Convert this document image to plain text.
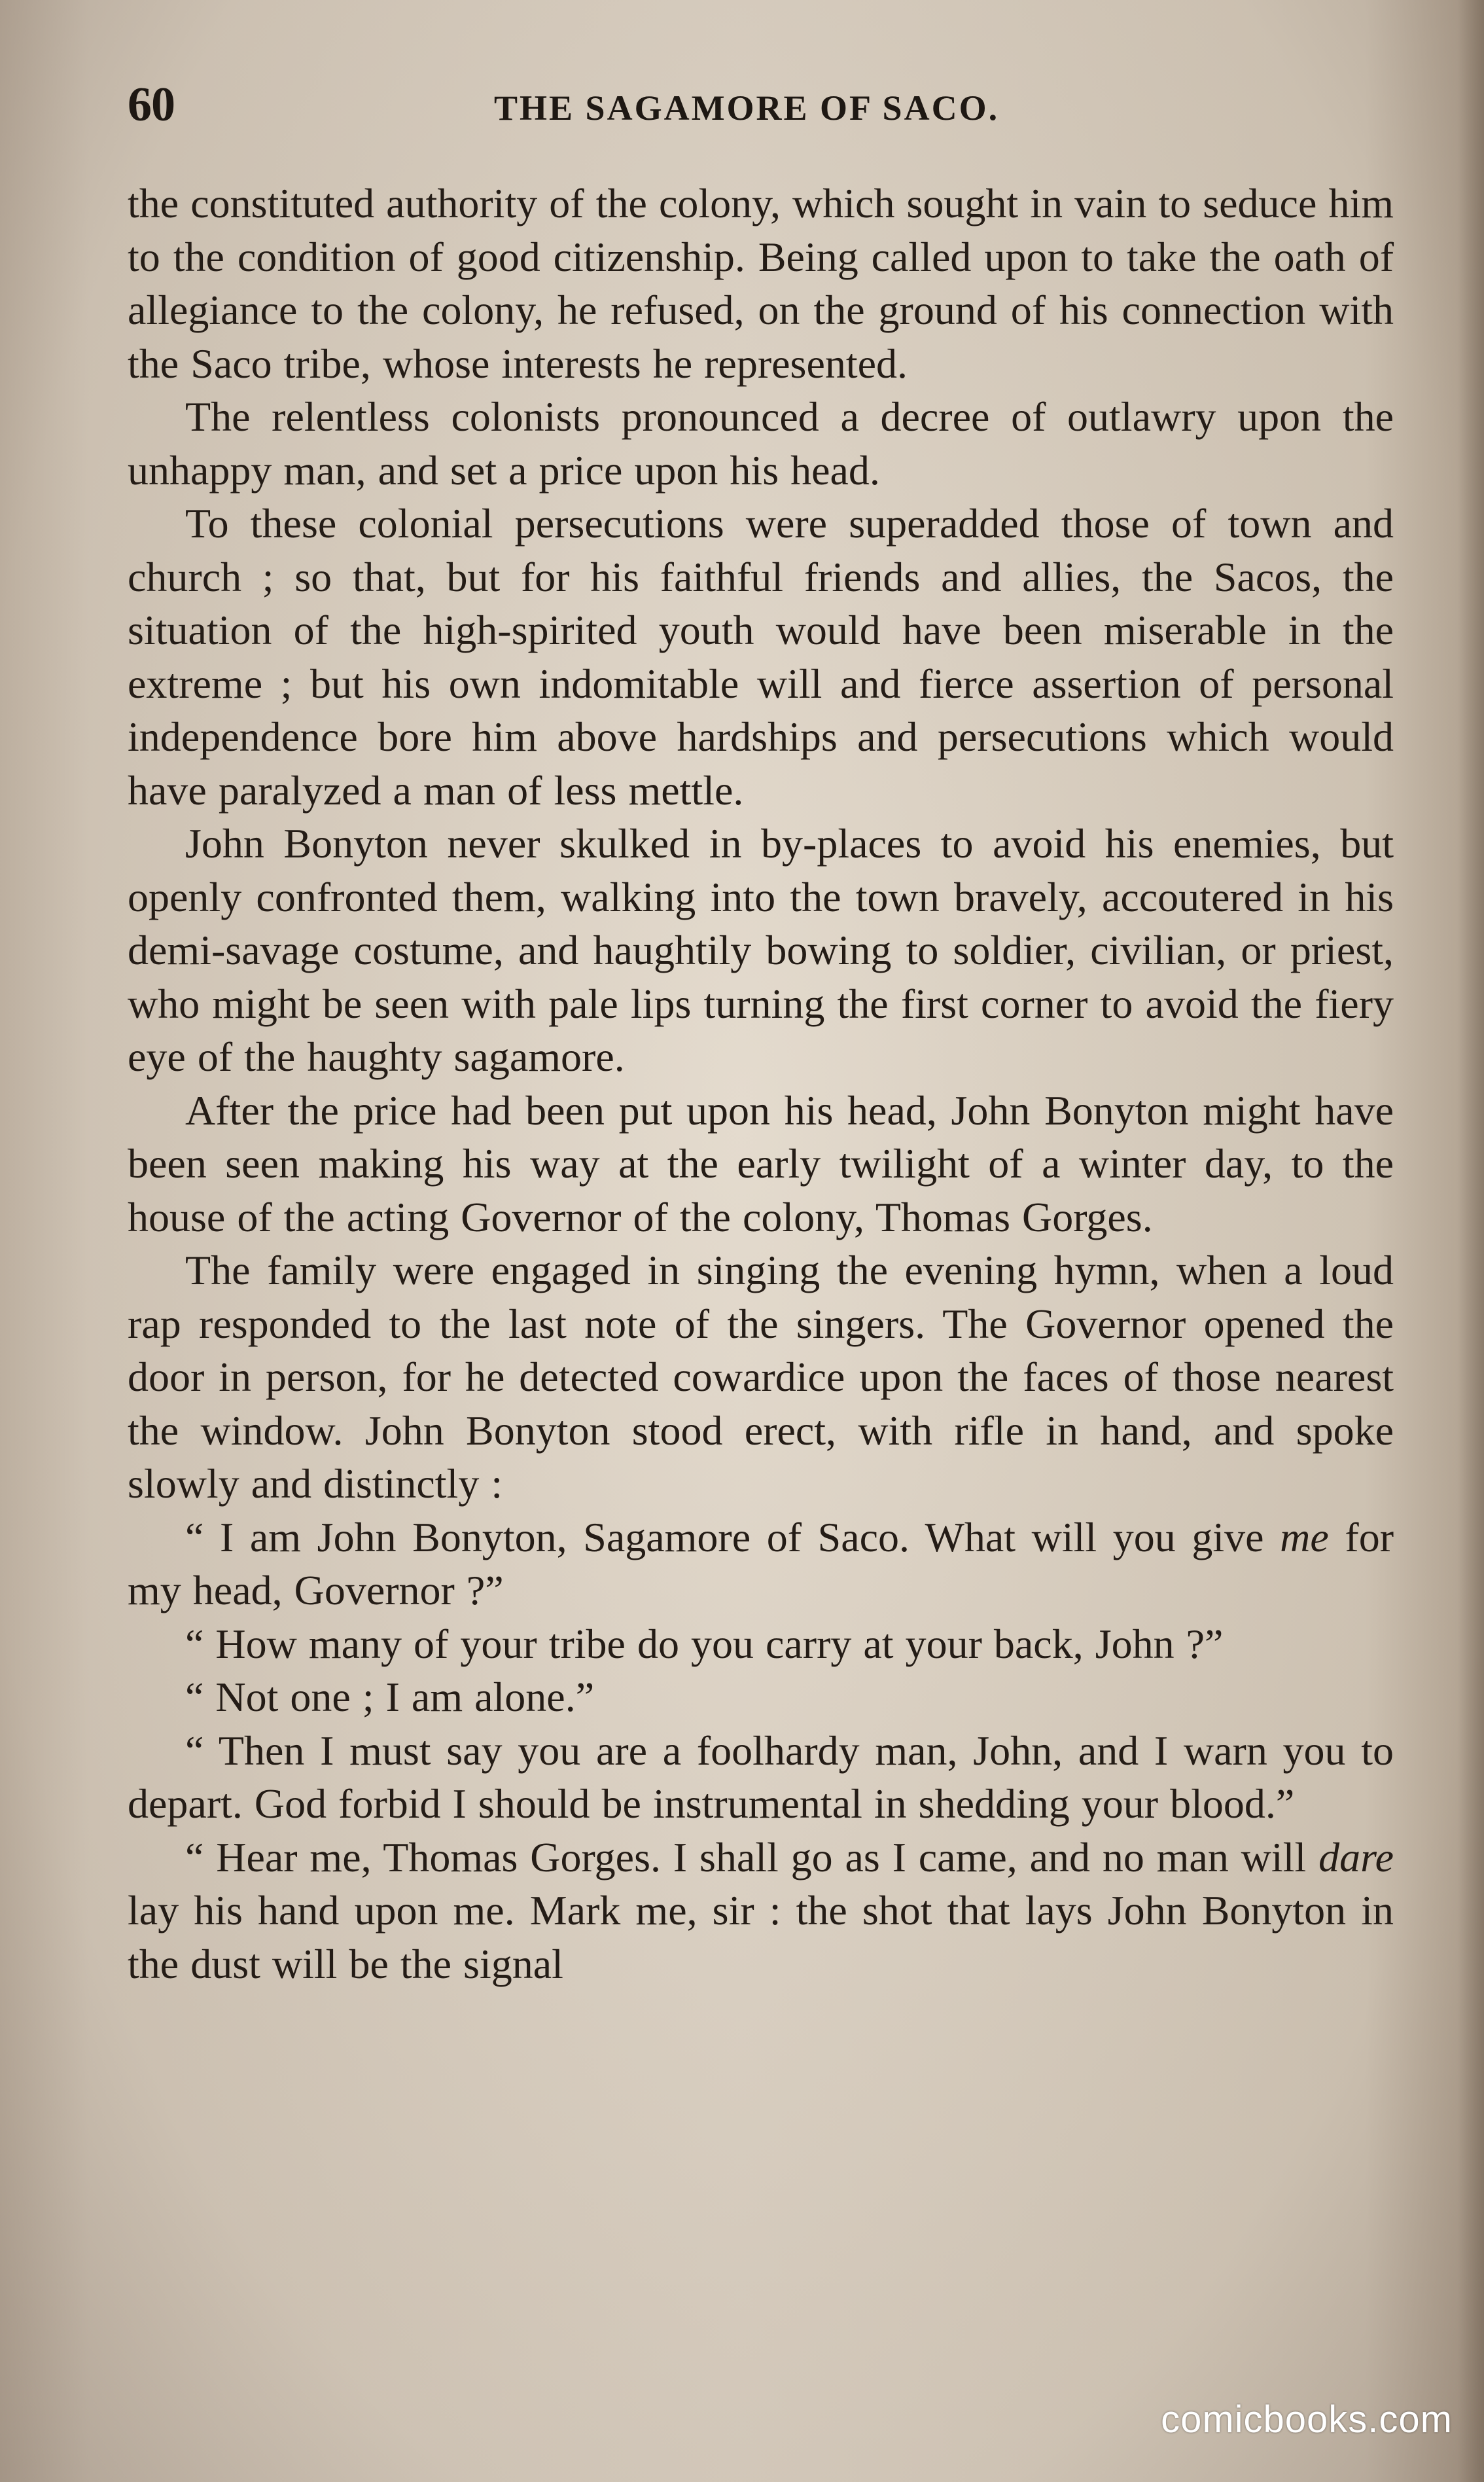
60	THE SAGAMORE OF SACO.

the constituted authority of the colony, which sought in vain to seduce him to the condition of good citizenship. Being called upon to take the oath of allegiance to the colony, he refused, on the ground of his connection with the Saco tribe, whose interests he represented.

The relentless colonists pronounced a decree of outlawry upon the unhappy man, and set a price upon his head.

To these colonial persecutions were superadded those of town and church ; so that, but for his faithful friends and allies, the Sacos, the situation of the high-spirited youth would have been miserable in the extreme ; but his own indomitable will and fierce assertion of personal independence bore him above hardships and persecutions which would have paralyzed a man of less mettle.

John Bonyton never skulked in by-places to avoid his enemies, but openly confronted them, walking into the town bravely, accoutered in his demi-savage costume, and haughtily bowing to soldier, civilian, or priest, who might be seen with pale lips turning the first corner to avoid the fiery eye of the haughty sagamore.

After the price had been put upon his head, John Bonyton might have been seen making his way at the early twilight of a winter day, to the house of the acting Governor of the colony, Thomas Gorges.

The family were engaged in singing the evening hymn, when a loud rap responded to the last note of the singers. The Governor opened the door in person, for he detected cowardice upon the faces of those nearest the window. John Bonyton stood erect, with rifle in hand, and spoke slowly and distinctly :

“ I am John Bonyton, Sagamore of Saco. What will you give me for my head, Governor ?”

“ How many of your tribe do you carry at your back, John ?”

“ Not one ; I am alone.”

“ Then I must say you are a foolhardy man, John, and I warn you to depart. God forbid I should be instrumental in shedding your blood.”

“ Hear me, Thomas Gorges. I shall go as I came, and no man will dare lay his hand upon me. Mark me, sir : the shot that lays John Bonyton in the dust will be the signal

comicbooks.com
